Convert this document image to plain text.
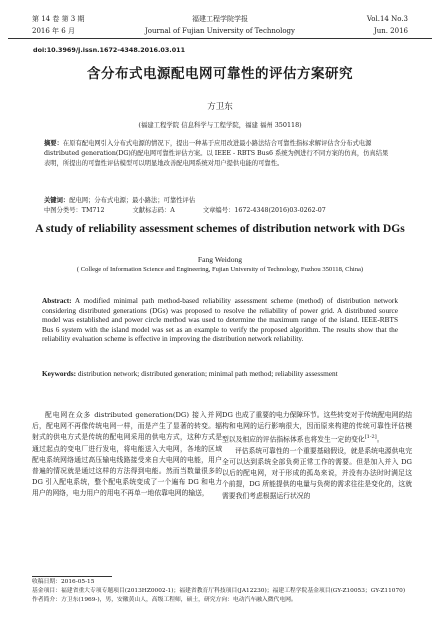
第 14 卷 第 3 期	福建工程学院学报	Vol.14 No.3
2016 年 6 月	Journal of Fujian University of Technology	Jun. 2016
doi:10.3969/j.issn.1672-4348.2016.03.011
含分布式电源配电网可靠性的评估方案研究
方卫东
(福建工程学院 信息科学与工程学院，福建 福州 350118)
摘要：在原有配电网引入分布式电源的情况下，提出一种基于应用改进最小路法结合可靠性指标求解评估含分布式电源 distributed generation(DG)的配电网可靠性评估方案。以 IEEE - RBTS Bus6 系统为例进行不同方案的仿真，仿真结果表明，所提出的可靠性评估模型可以明显地改善配电网系统对用户提供电能的可靠性。
关键词：配电网；分布式电源；最小路法；可靠性评估
中图分类号：TM712	文献标志码：A	文章编号：1672-4348(2016)03-0262-07
A study of reliability assessment schemes of distribution network with DGs
Fang Weidong
( College of Information Science and Engineering, Fujian University of Technology, Fuzhou 350118, China)
Abstract: A modified minimal path method-based reliability assessment scheme (method) of distribution network considering distributed generations (DGs) was proposed to resolve the reliability of power grid. A distributed source model was established and power circle method was used to determine the maximum range of the island. IEEE-RBTS Bus 6 system with the island model was set as an example to verify the proposed algorithm. The results show that the reliability evaluation scheme is effective in improving the distribution network reliability.
Keywords: distribution network; distributed generation; minimal path method; reliability assessment

配电网在众多 distributed generation(DG) 接入并网后，配电网不再像传统电网一样，而是产生了显著的转变。辐射式的供电方式是传统的配电网采用的供电方式，这种方式是通过起点的变电厂进行发电，将电能送入大电网，各地的区域配电系统网络通过高压输电线路接受来自大电网的电能，用户普遍的情况就是通过这样的方法得到电能。然而当数量很多的 DG 引入配电系统，整个配电系统变成了一个遍布 DG 和电力用户的网络，电力用户的用电不再单一地依靠电网的输送，

DG 也成了重要的电力保障环节。这些转变对于传统配电网的结构和电网的运行影响很大，因而原来构建的传统可靠性评估模型以及相应的评估指标体系也将发生一定的变化[1-2]。

评估系统可靠性的一个重要基础假设，就是系统电源供电完全可以达到系统全部负荷正常工作的需要。但是加入并入 DG 以后的配电网，对于形成的孤岛来说，并没有办法时时满足这个前提，DG 所能提供的电量与负荷的需求往往是变化的，这就需要我们考虑根据运行状况的

收稿日期：2016-05-15
基金项目：福建省重大专项专题项目(2013HZ0002-1)；福建省教育厅科技项目(JA12230)；福建工程学院基金项目(GY-Z10053；GY-Z11070)
作者简介：方卫东(1969-)，男，安徽黄山人，高级工程师，硕士，研究方向：电动汽车融入微代电网。
